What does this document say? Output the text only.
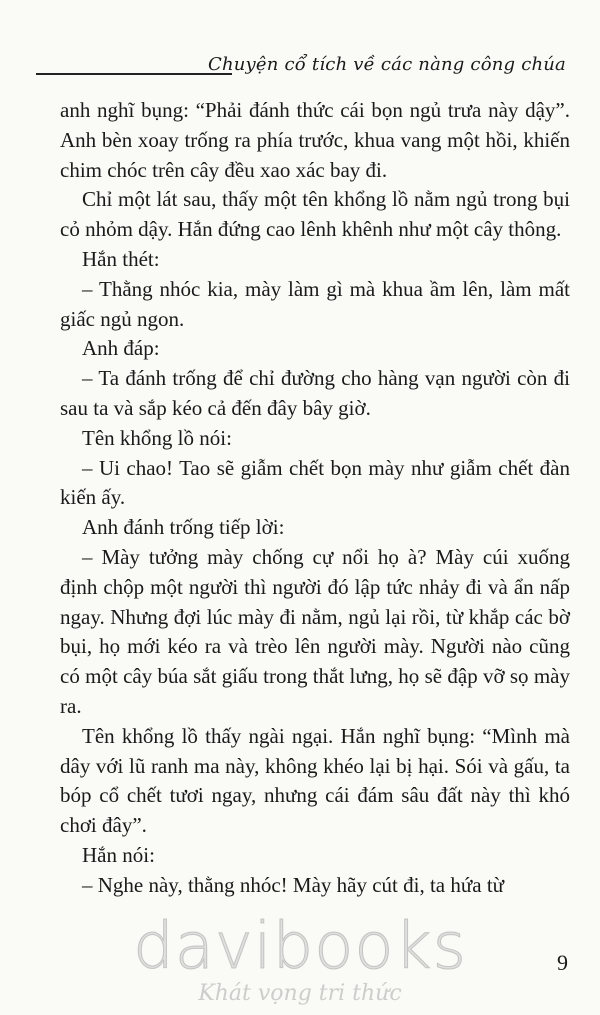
Chuyện cổ tích về các nàng công chúa

anh nghĩ bụng: “Phải đánh thức cái bọn ngủ trưa này dậy”. Anh bèn xoay trống ra phía trước, khua vang một hồi, khiến chim chóc trên cây đều xao xác bay đi.

Chỉ một lát sau, thấy một tên khổng lồ nằm ngủ trong bụi cỏ nhỏm dậy. Hắn đứng cao lênh khênh như một cây thông.

Hắn thét:

– Thằng nhóc kia, mày làm gì mà khua ầm lên, làm mất giấc ngủ ngon.

Anh đáp:

– Ta đánh trống để chỉ đường cho hàng vạn người còn đi sau ta và sắp kéo cả đến đây bây giờ.

Tên khổng lồ nói:

– Ui chao! Tao sẽ giẫm chết bọn mày như giẫm chết đàn kiến ấy.

Anh đánh trống tiếp lời:

– Mày tưởng mày chống cự nổi họ à? Mày cúi xuống định chộp một người thì người đó lập tức nhảy đi và ẩn nấp ngay. Nhưng đợi lúc mày đi nằm, ngủ lại rồi, từ khắp các bờ bụi, họ mới kéo ra và trèo lên người mày. Người nào cũng có một cây búa sắt giấu trong thắt lưng, họ sẽ đập vỡ sọ mày ra.

Tên khổng lồ thấy ngài ngại. Hắn nghĩ bụng: “Mình mà dây với lũ ranh ma này, không khéo lại bị hại. Sói và gấu, ta bóp cổ chết tươi ngay, nhưng cái đám sâu đất này thì khó chơi đây”.

Hắn nói:

– Nghe này, thằng nhóc! Mày hãy cút đi, ta hứa từ

davibooks
Khát vọng tri thức
9
